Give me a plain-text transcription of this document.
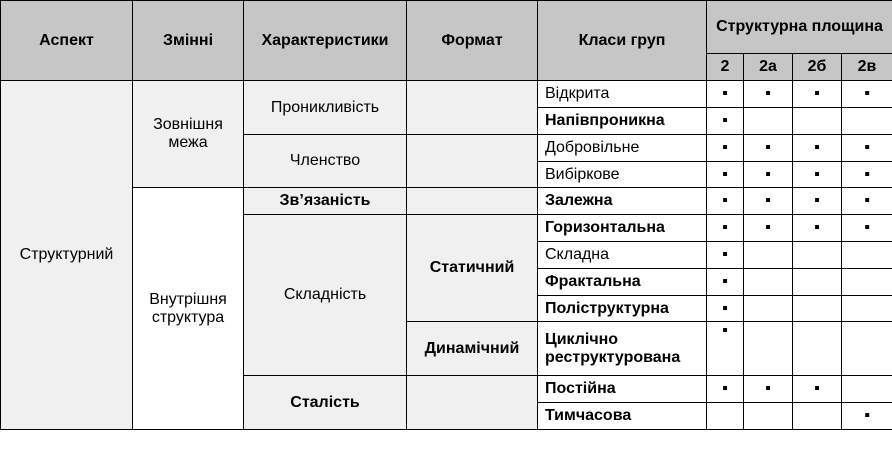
Аспект	Змінні	Характеристики	Формат	Класи груп	Структурна площина			
					2	2а	2б	2в
Структурний	Зовнішня межа	Проникливість		Відкрита	▪	▪	▪	▪
				Напівпроникна	▪			
		Членство		Добровільне	▪	▪	▪	▪
				Вибіркове	▪	▪	▪	▪
	Внутрішня структура	Зв’язаність		Залежна	▪	▪	▪	▪
		Складність	Статичний	Горизонтальна	▪	▪	▪	▪
				Складна	▪			
				Фрактальна	▪			
				Поліструктурна	▪			
			Динамічний	Циклічно реструктурована	▪			
		Сталість		Постійна	▪	▪	▪	
				Тимчасова				▪
